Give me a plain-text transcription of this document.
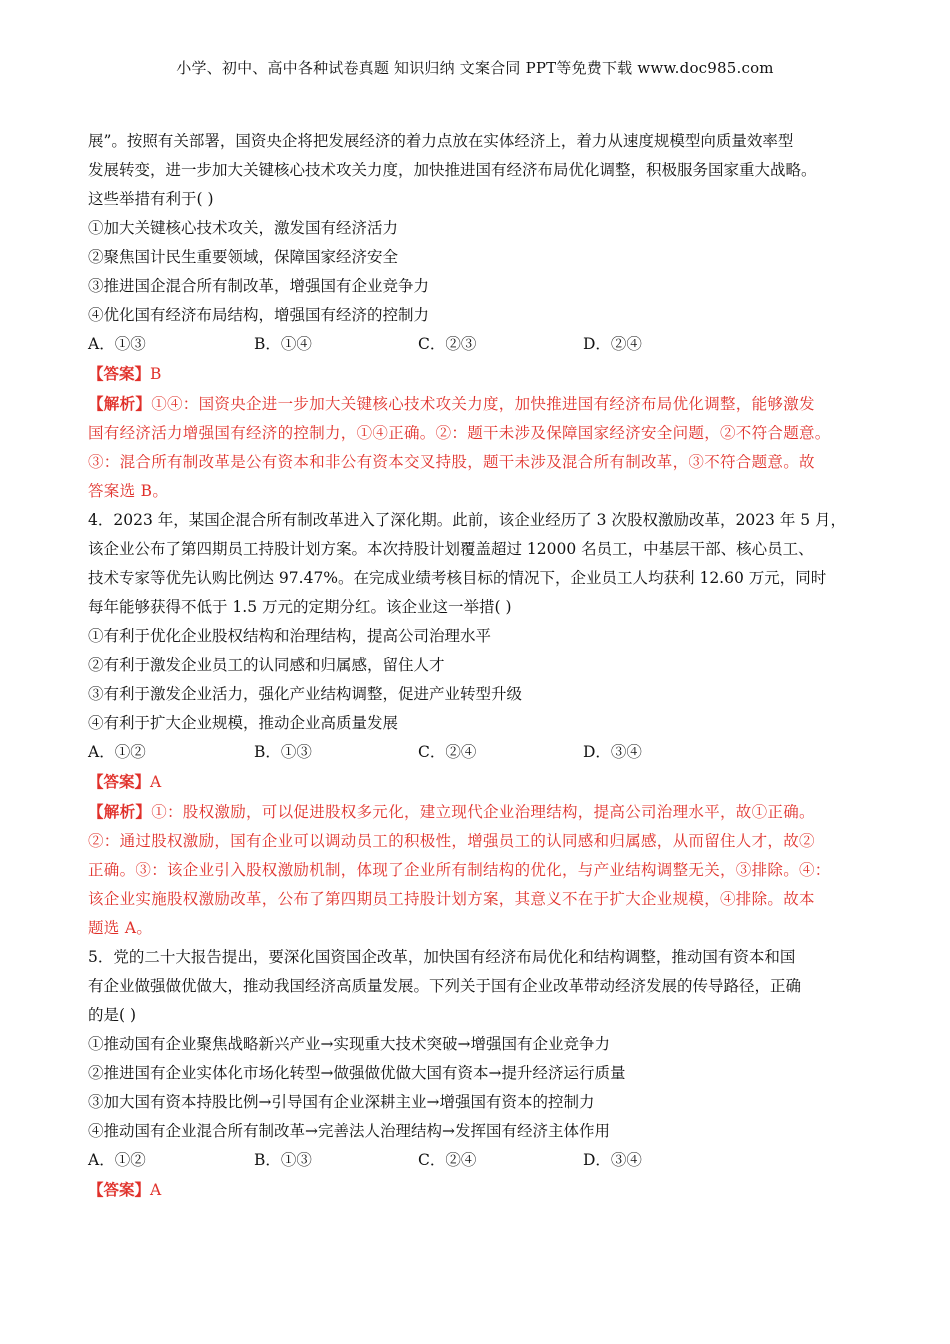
小学、初中、高中各种试卷真题 知识归纳 文案合同 PPT等免费下载 www.doc985.com
展”。按照有关部署，国资央企将把发展经济的着力点放在实体经济上，着力从速度规模型向质量效率型
发展转变，进一步加大关键核心技术攻关力度，加快推进国有经济布局优化调整，积极服务国家重大战略。
这些举措有利于( )
①加大关键核心技术攻关，激发国有经济活力
②聚焦国计民生重要领域，保障国家经济安全
③推进国企混合所有制改革，增强国有企业竞争力
④优化国有经济布局结构，增强国有经济的控制力
A．①③	B．①④	C．②③	D．②④
【答案】B
【解析】①④：国资央企进一步加大关键核心技术攻关力度，加快推进国有经济布局优化调整，能够激发
国有经济活力增强国有经济的控制力，①④正确。②：题干未涉及保障国家经济安全问题，②不符合题意。
③：混合所有制改革是公有资本和非公有资本交叉持股，题干未涉及混合所有制改革，③不符合题意。故
答案选 B。
4．2023 年，某国企混合所有制改革进入了深化期。此前，该企业经历了 3 次股权激励改革，2023 年 5 月，
该企业公布了第四期员工持股计划方案。本次持股计划覆盖超过 12000 名员工，中基层干部、核心员工、
技术专家等优先认购比例达 97.47%。在完成业绩考核目标的情况下，企业员工人均获利 12.60 万元，同时
每年能够获得不低于 1.5 万元的定期分红。该企业这一举措( )
①有利于优化企业股权结构和治理结构，提高公司治理水平
②有利于激发企业员工的认同感和归属感，留住人才
③有利于激发企业活力，强化产业结构调整，促进产业转型升级
④有利于扩大企业规模，推动企业高质量发展
A．①②	B．①③	C．②④	D．③④
【答案】A
【解析】①：股权激励，可以促进股权多元化，建立现代企业治理结构，提高公司治理水平，故①正确。
②：通过股权激励，国有企业可以调动员工的积极性，增强员工的认同感和归属感，从而留住人才，故②
正确。③：该企业引入股权激励机制，体现了企业所有制结构的优化，与产业结构调整无关，③排除。④：
该企业实施股权激励改革，公布了第四期员工持股计划方案，其意义不在于扩大企业规模，④排除。故本
题选 A。
5．党的二十大报告提出，要深化国资国企改革，加快国有经济布局优化和结构调整，推动国有资本和国
有企业做强做优做大，推动我国经济高质量发展。下列关于国有企业改革带动经济发展的传导路径，正确
的是( )
①推动国有企业聚焦战略新兴产业→实现重大技术突破→增强国有企业竞争力
②推进国有企业实体化市场化转型→做强做优做大国有资本→提升经济运行质量
③加大国有资本持股比例→引导国有企业深耕主业→增强国有资本的控制力
④推动国有企业混合所有制改革→完善法人治理结构→发挥国有经济主体作用
A．①②	B．①③	C．②④	D．③④
【答案】A
